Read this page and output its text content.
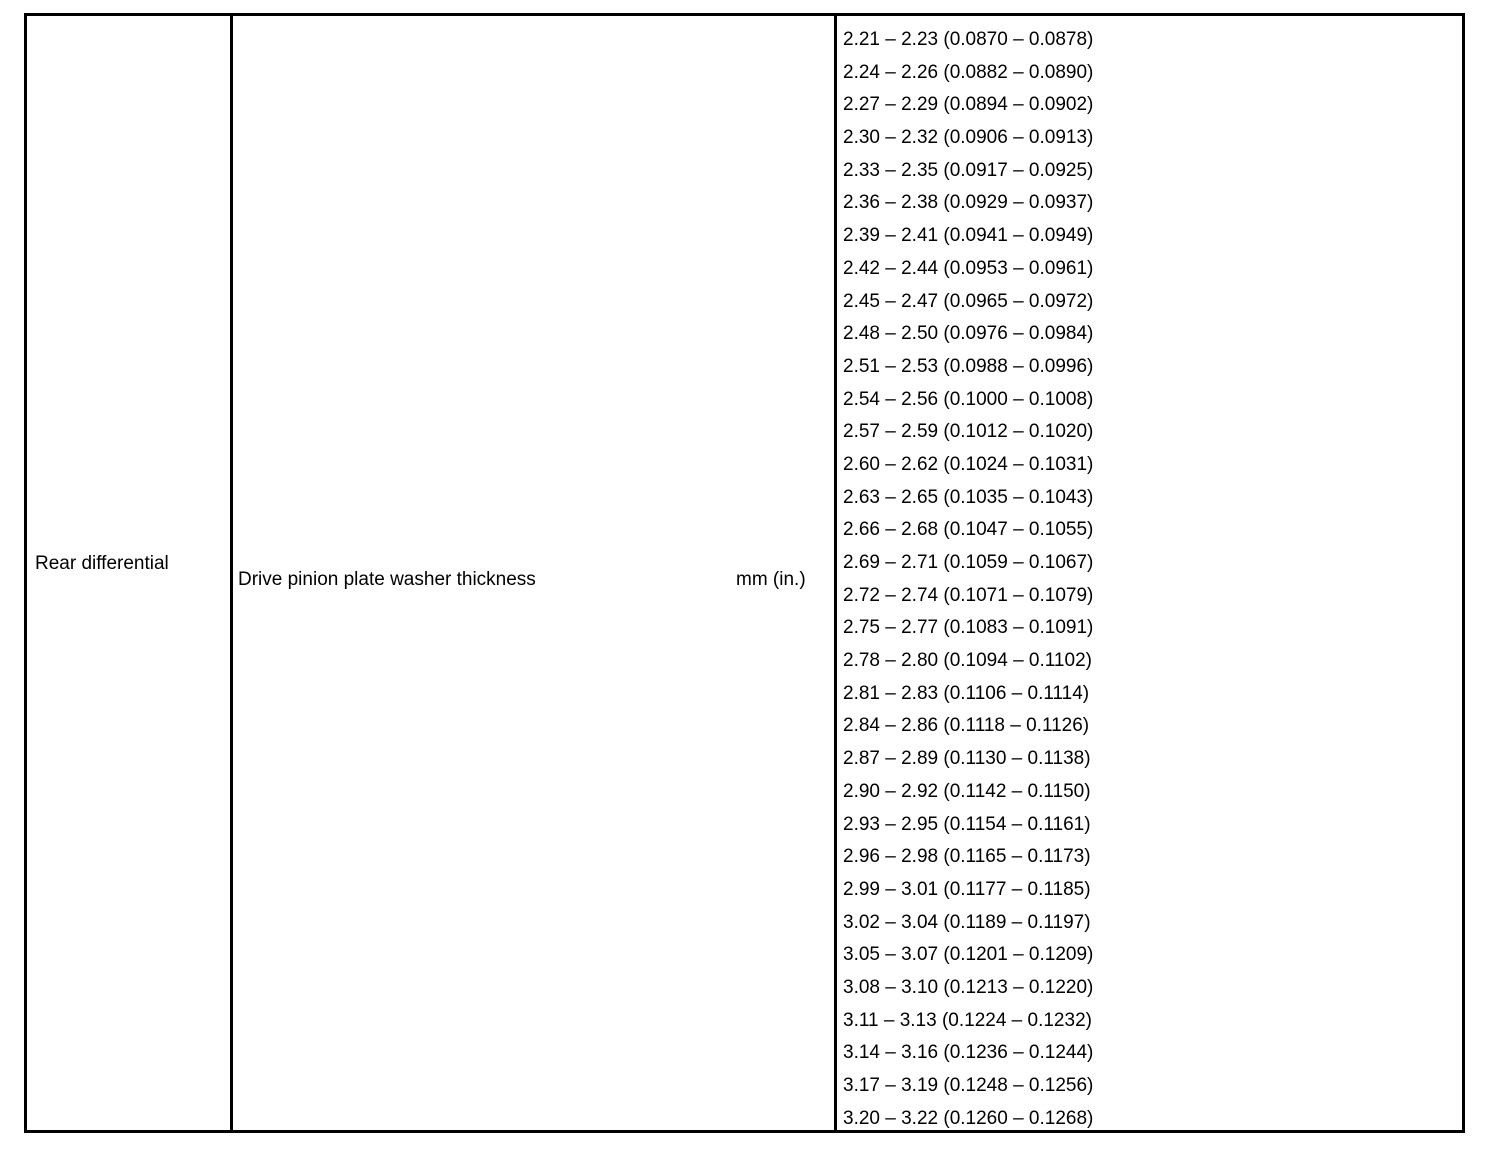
Rear differential
Drive pinion plate washer thickness	mm (in.)
2.21 – 2.23 (0.0870 – 0.0878)
2.24 – 2.26 (0.0882 – 0.0890)
2.27 – 2.29 (0.0894 – 0.0902)
2.30 – 2.32 (0.0906 – 0.0913)
2.33 – 2.35 (0.0917 – 0.0925)
2.36 – 2.38 (0.0929 – 0.0937)
2.39 – 2.41 (0.0941 – 0.0949)
2.42 – 2.44 (0.0953 – 0.0961)
2.45 – 2.47 (0.0965 – 0.0972)
2.48 – 2.50 (0.0976 – 0.0984)
2.51 – 2.53 (0.0988 – 0.0996)
2.54 – 2.56 (0.1000 – 0.1008)
2.57 – 2.59 (0.1012 – 0.1020)
2.60 – 2.62 (0.1024 – 0.1031)
2.63 – 2.65 (0.1035 – 0.1043)
2.66 – 2.68 (0.1047 – 0.1055)
2.69 – 2.71 (0.1059 – 0.1067)
2.72 – 2.74 (0.1071 – 0.1079)
2.75 – 2.77 (0.1083 – 0.1091)
2.78 – 2.80 (0.1094 – 0.1102)
2.81 – 2.83 (0.1106 – 0.1114)
2.84 – 2.86 (0.1118 – 0.1126)
2.87 – 2.89 (0.1130 – 0.1138)
2.90 – 2.92 (0.1142 – 0.1150)
2.93 – 2.95 (0.1154 – 0.1161)
2.96 – 2.98 (0.1165 – 0.1173)
2.99 – 3.01 (0.1177 – 0.1185)
3.02 – 3.04 (0.1189 – 0.1197)
3.05 – 3.07 (0.1201 – 0.1209)
3.08 – 3.10 (0.1213 – 0.1220)
3.11 – 3.13 (0.1224 – 0.1232)
3.14 – 3.16 (0.1236 – 0.1244)
3.17 – 3.19 (0.1248 – 0.1256)
3.20 – 3.22 (0.1260 – 0.1268)
